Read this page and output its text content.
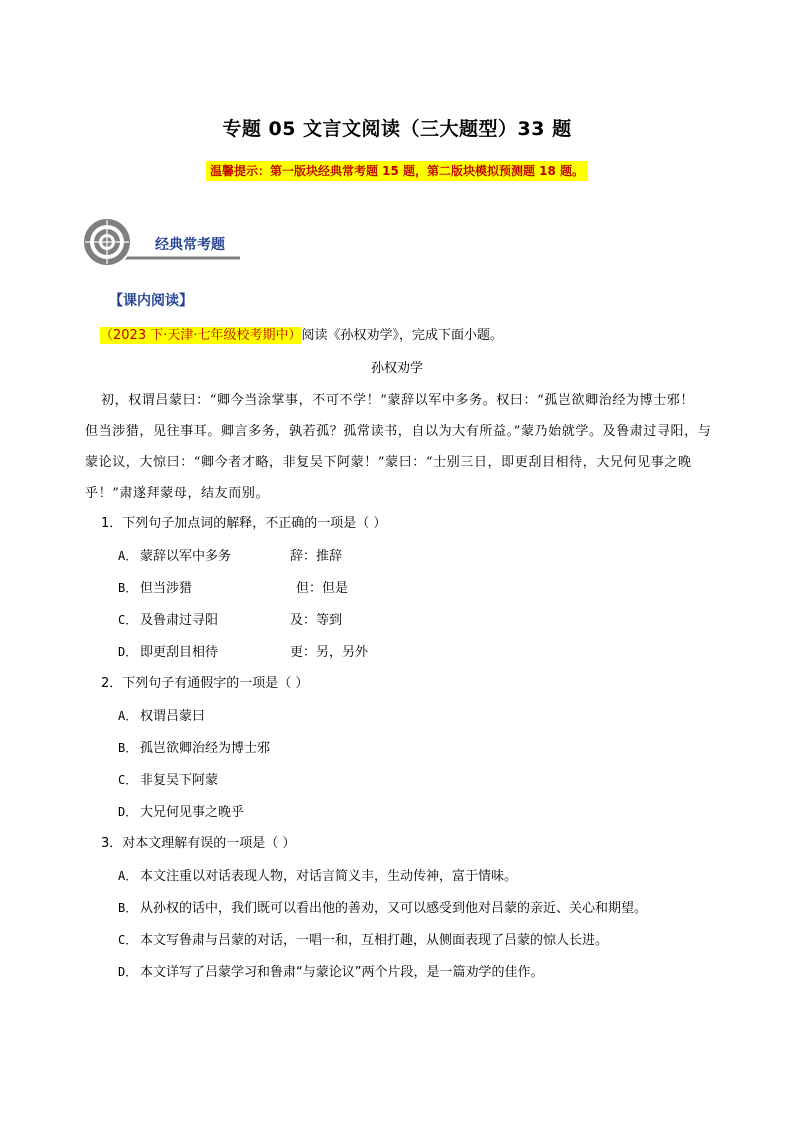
专题 05 文言文阅读（三大题型）33 题
温馨提示：第一版块经典常考题 15 题，第二版块模拟预测题 18 题。
经典常考题
【课内阅读】
（2023 下·天津·七年级校考期中）阅读《孙权劝学》，完成下面小题。
孙权劝学
初，权谓吕蒙曰：“卿今当涂掌事，不可不学！”蒙辞以军中多务。权曰：“孤岂欲卿治经为博士邪！
但当涉猎，见往事耳。卿言多务，孰若孤？孤常读书，自以为大有所益。”蒙乃始就学。及鲁肃过寻阳，与
蒙论议，大惊曰：“卿今者才略，非复吴下阿蒙！”蒙曰：“士别三日，即更刮目相待，大兄何见事之晚
乎！”肃遂拜蒙母，结友而别。
1．下列句子加点词的解释，不正确的一项是（ ）
A． 蒙辞以军中多务	辞：推辞
B． 但当涉猎	但：但是
C． 及鲁肃过寻阳	及：等到
D． 即更刮目相待	更：另，另外
2．下列句子有通假字的一项是（ ）
A． 权谓吕蒙曰
B． 孤岂欲卿治经为博士邪
C． 非复吴下阿蒙
D． 大兄何见事之晚乎
3．对本文理解有误的一项是（ ）
A． 本文注重以对话表现人物，对话言简义丰，生动传神，富于情味。
B． 从孙权的话中，我们既可以看出他的善劝，又可以感受到他对吕蒙的亲近、关心和期望。
C． 本文写鲁肃与吕蒙的对话，一唱一和，互相打趣，从侧面表现了吕蒙的惊人长进。
D． 本文详写了吕蒙学习和鲁肃“与蒙论议”两个片段，是一篇劝学的佳作。
